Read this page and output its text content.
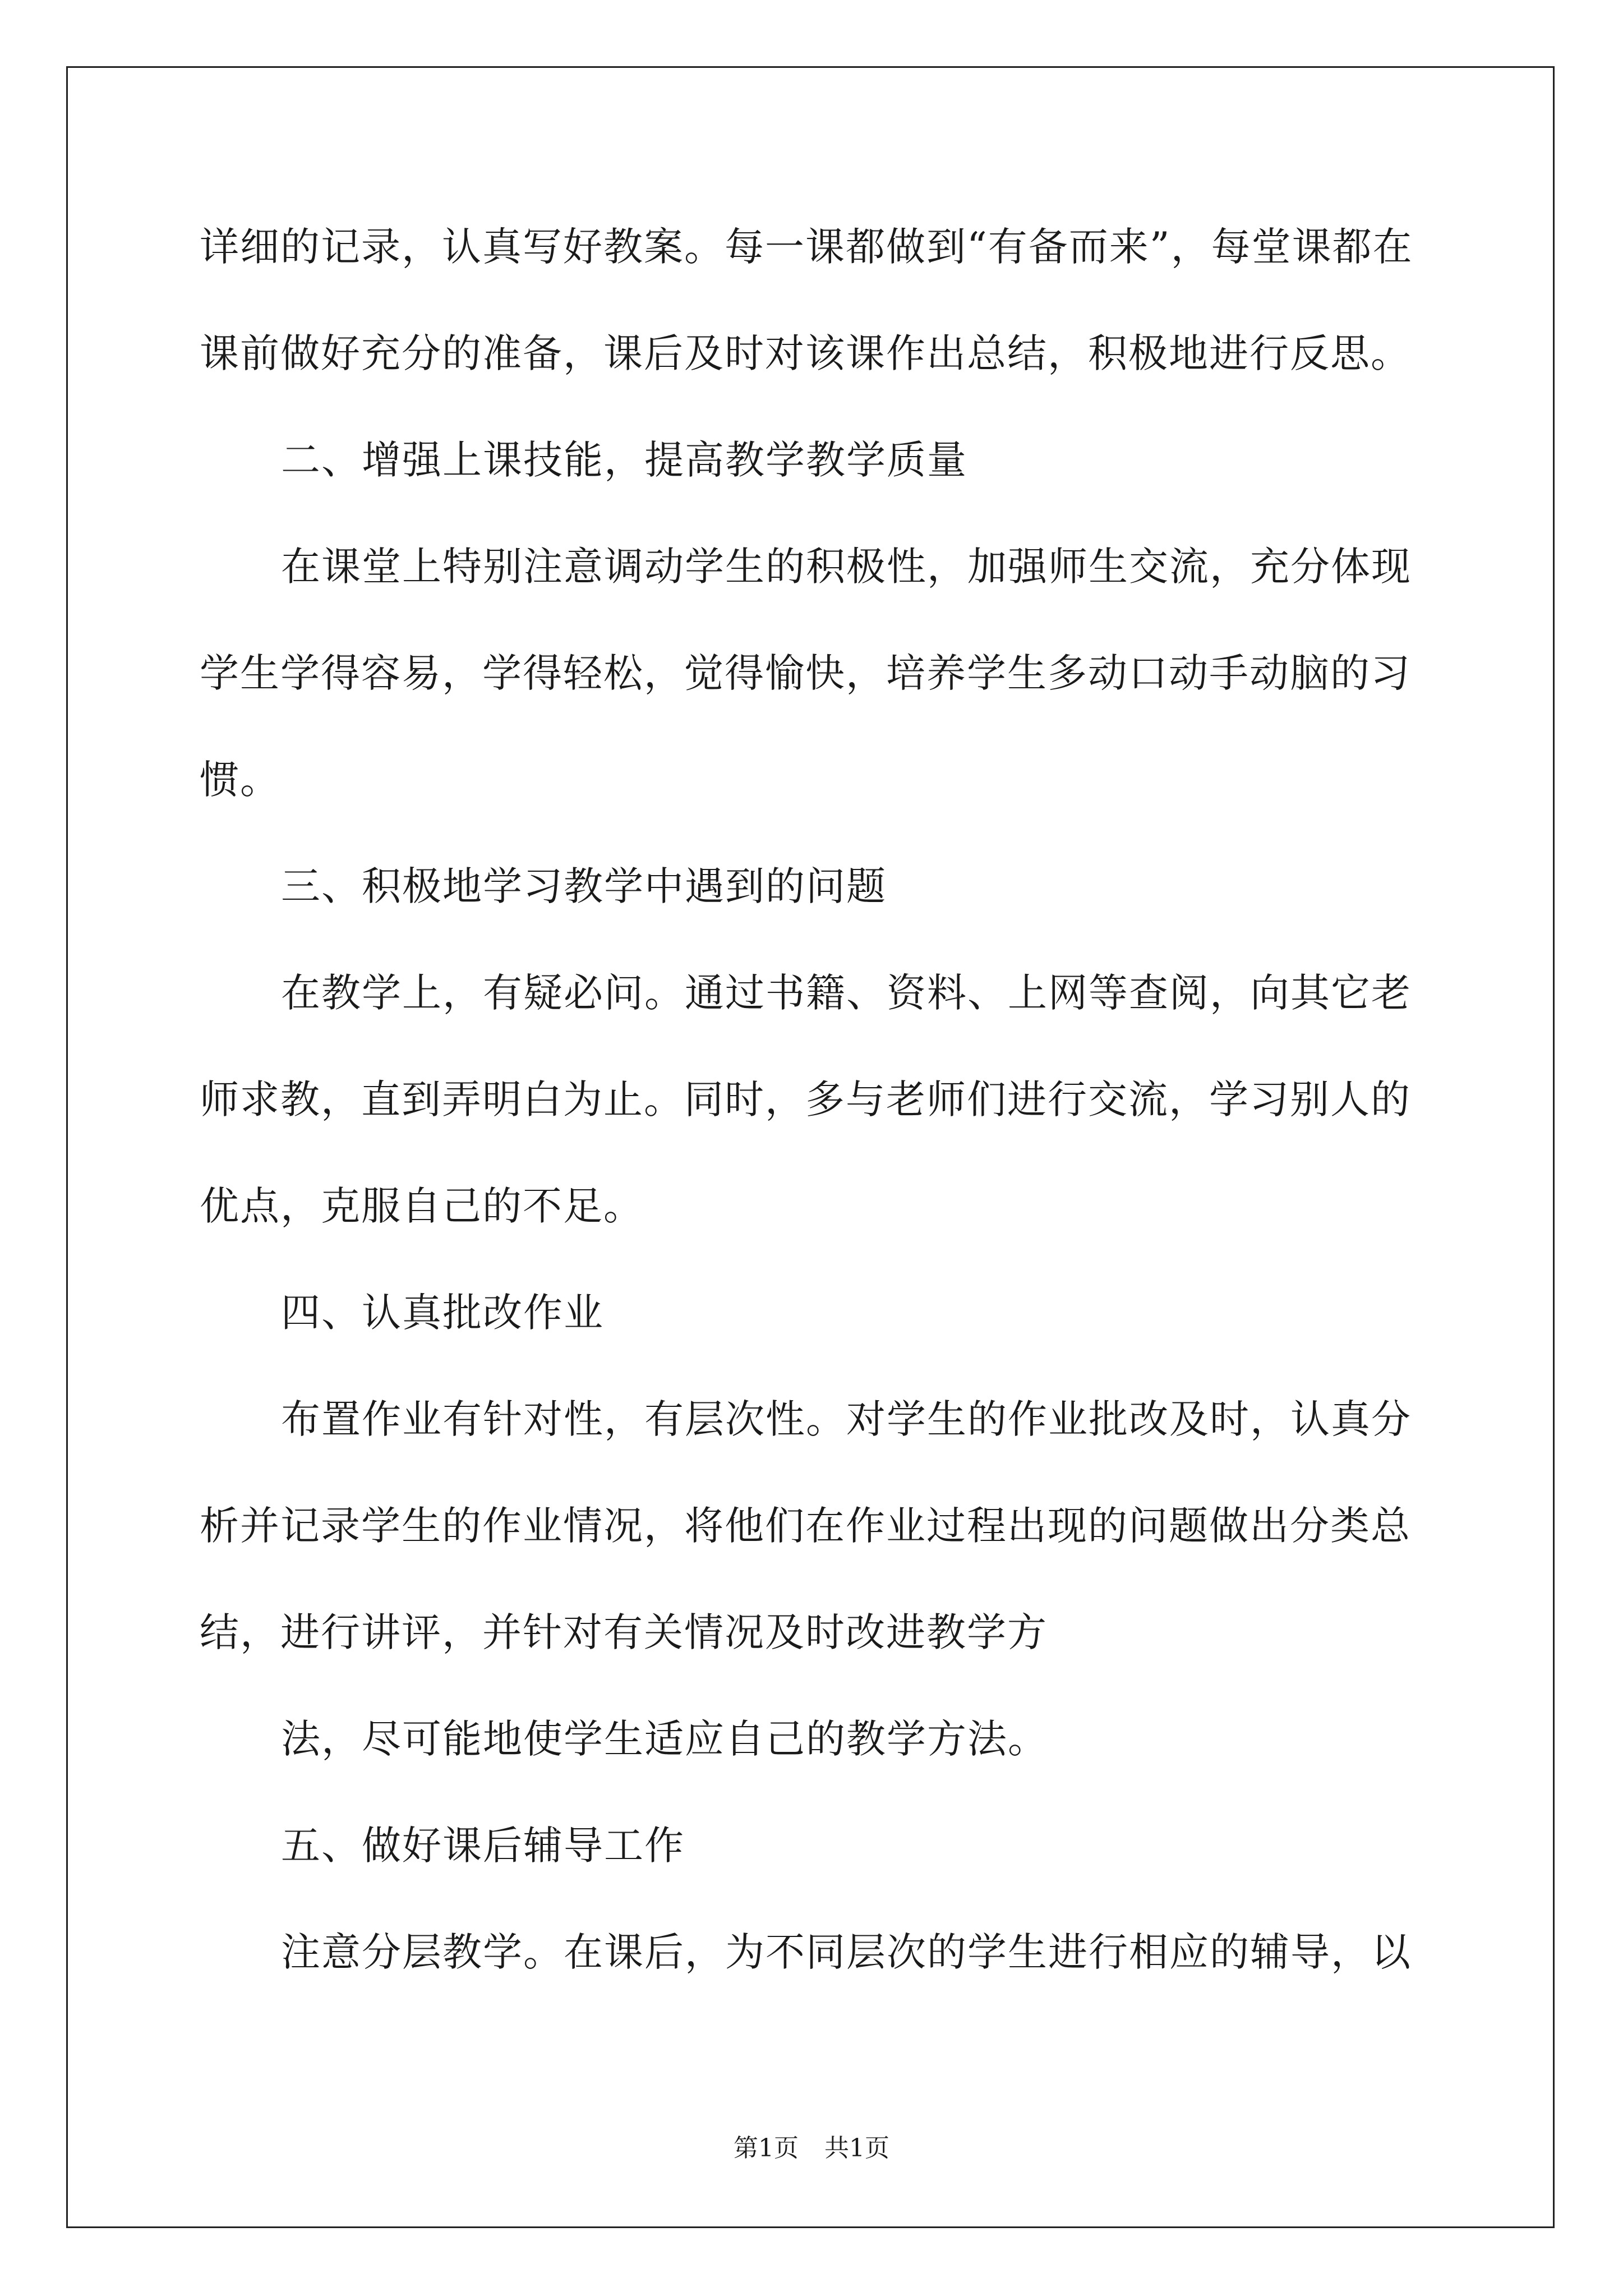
详细的记录，认真写好教案。每一课都做到“有备而来”，每堂课都在
课前做好充分的准备，课后及时对该课作出总结，积极地进行反思。
二、增强上课技能，提高教学教学质量
在课堂上特别注意调动学生的积极性，加强师生交流，充分体现
学生学得容易，学得轻松，觉得愉快，培养学生多动口动手动脑的习
惯。
三、积极地学习教学中遇到的问题
在教学上，有疑必问。通过书籍、资料、上网等查阅，向其它老
师求教，直到弄明白为止。同时，多与老师们进行交流，学习别人的
优点，克服自己的不足。
四、认真批改作业
布置作业有针对性，有层次性。对学生的作业批改及时，认真分
析并记录学生的作业情况，将他们在作业过程出现的问题做出分类总
结，进行讲评，并针对有关情况及时改进教学方
法，尽可能地使学生适应自己的教学方法。
五、做好课后辅导工作
注意分层教学。在课后，为不同层次的学生进行相应的辅导，以
第1页 共1页
